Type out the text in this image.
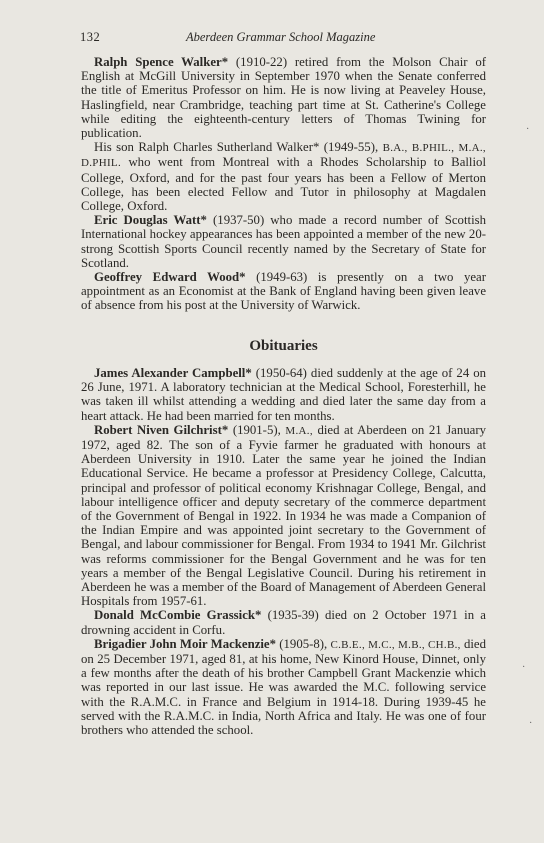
132	Aberdeen Grammar School Magazine

Ralph Spence Walker* (1910-22) retired from the Molson Chair of English at McGill University in September 1970 when the Senate conferred the title of Emeritus Professor on him. He is now living at Peaveley House, Haslingfield, near Crambridge, teaching part time at St. Catherine's College while editing the eighteenth-century letters of Thomas Twining for publication.

His son Ralph Charles Sutherland Walker* (1949-55), B.A., B.PHIL., M.A., D.PHIL. who went from Montreal with a Rhodes Scholarship to Balliol College, Oxford, and for the past four years has been a Fellow of Merton College, has been elected Fellow and Tutor in philosophy at Magdalen College, Oxford.

Eric Douglas Watt* (1937-50) who made a record number of Scottish International hockey appearances has been appointed a member of the new 20-strong Scottish Sports Council recently named by the Secretary of State for Scotland.

Geoffrey Edward Wood* (1949-63) is presently on a two year appointment as an Economist at the Bank of England having been given leave of absence from his post at the University of Warwick.

Obituaries

James Alexander Campbell* (1950-64) died suddenly at the age of 24 on 26 June, 1971. A laboratory technician at the Medical School, Foresterhill, he was taken ill whilst attending a wedding and died later the same day from a heart attack. He had been married for ten months.

Robert Niven Gilchrist* (1901-5), M.A., died at Aberdeen on 21 January 1972, aged 82. The son of a Fyvie farmer he graduated with honours at Aberdeen University in 1910. Later the same year he joined the Indian Educational Service. He became a professor at Presidency College, Calcutta, principal and professor of political economy Krishnagar College, Bengal, and labour intelligence officer and deputy secretary of the commerce department of the Government of Bengal in 1922. In 1934 he was made a Companion of the Indian Empire and was appointed joint secretary to the Government of Bengal, and labour commissioner for Bengal. From 1934 to 1941 Mr. Gilchrist was reforms commissioner for the Bengal Government and he was for ten years a member of the Bengal Legislative Council. During his retirement in Aberdeen he was a member of the Board of Management of Aberdeen General Hospitals from 1957-61.

Donald McCombie Grassick* (1935-39) died on 2 October 1971 in a drowning accident in Corfu.

Brigadier John Moir Mackenzie* (1905-8), C.B.E., M.C., M.B., CH.B., died on 25 December 1971, aged 81, at his home, New Kinord House, Dinnet, only a few months after the death of his brother Campbell Grant Mackenzie which was reported in our last issue. He was awarded the M.C. following service with the R.A.M.C. in France and Belgium in 1914-18. During 1939-45 he served with the R.A.M.C. in India, North Africa and Italy. He was one of four brothers who attended the school.

·
·
·
